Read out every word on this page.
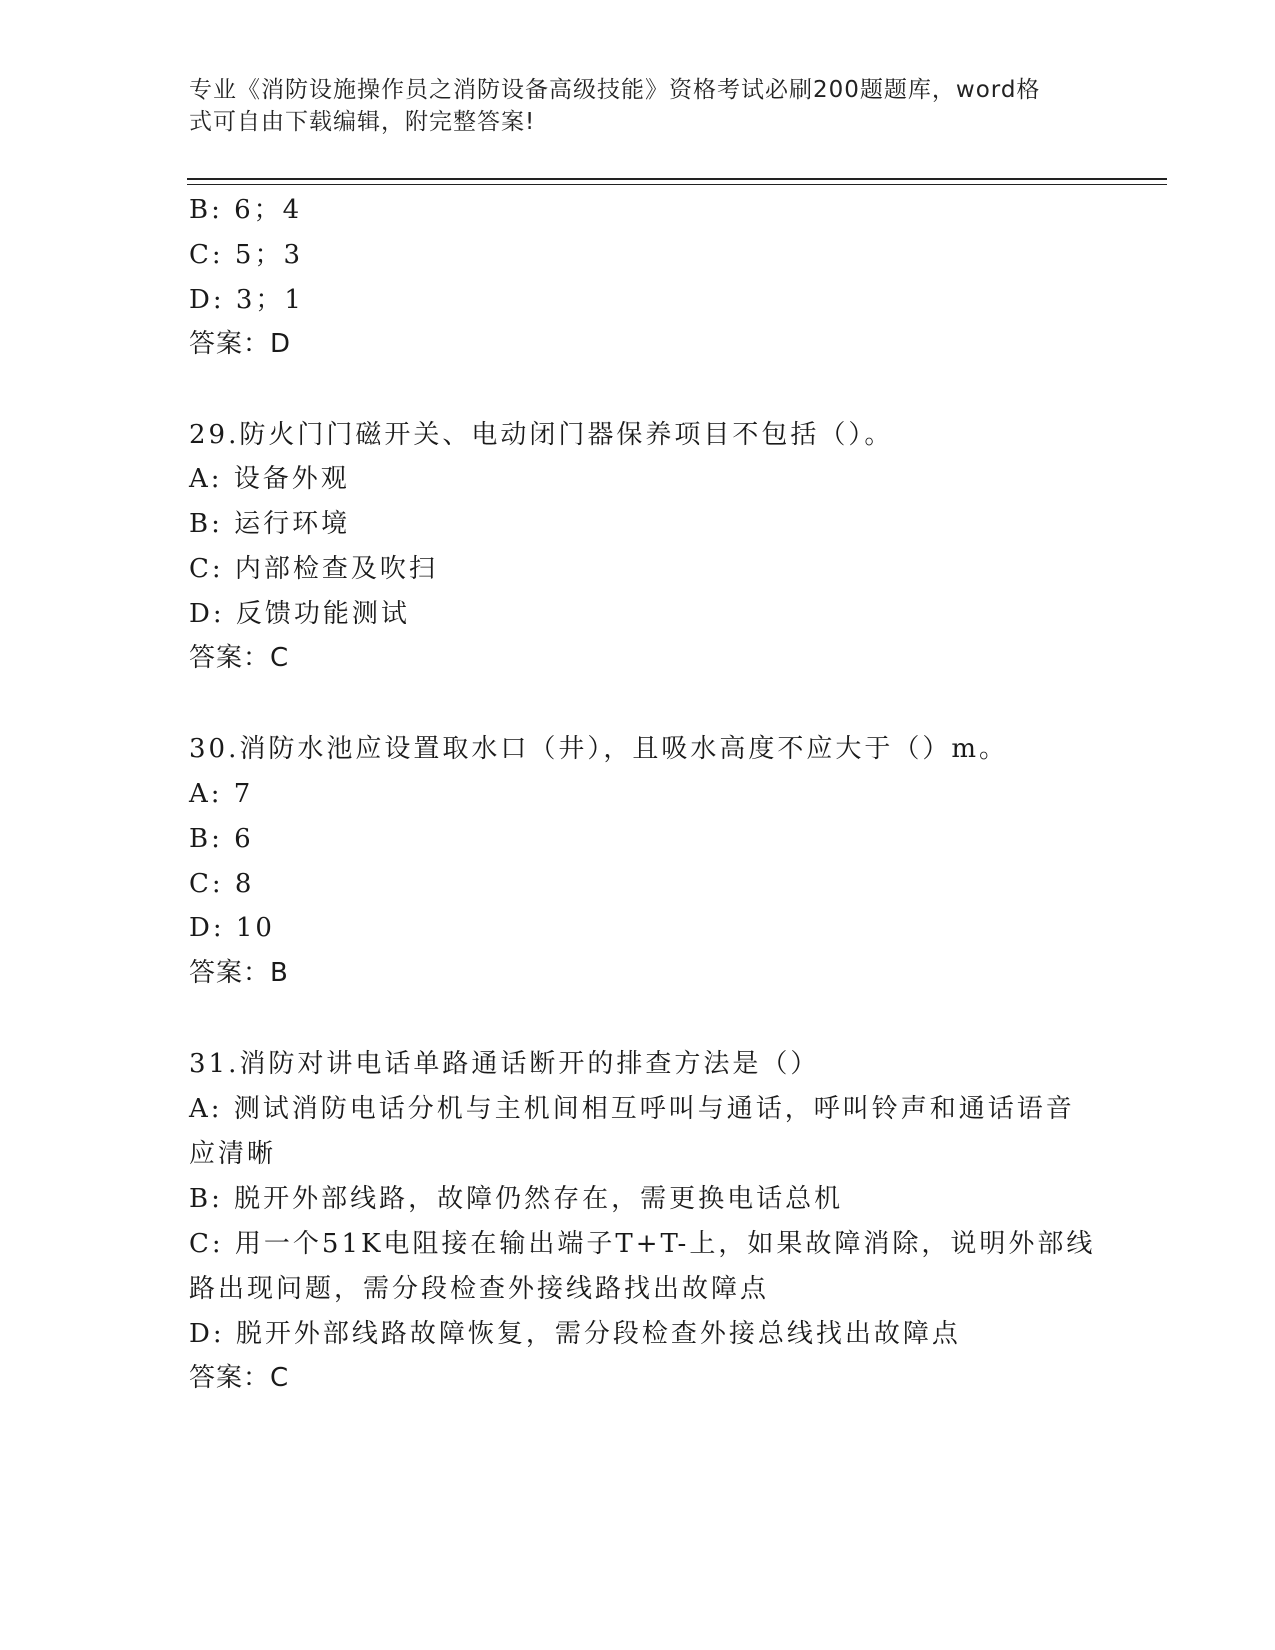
专业《消防设施操作员之消防设备高级技能》资格考试必刷200题题库，word格
式可自由下载编辑，附完整答案!
B: 6；4
C: 5；3
D: 3；1
答案：D
29.防火门门磁开关、电动闭门器保养项目不包括（）。
A: 设备外观
B: 运行环境
C: 内部检查及吹扫
D: 反馈功能测试
答案：C
30.消防水池应设置取水口（井），且吸水高度不应大于（）m。
A: 7
B: 6
C: 8
D: 10
答案：B
31.消防对讲电话单路通话断开的排查方法是（）
A: 测试消防电话分机与主机间相互呼叫与通话，呼叫铃声和通话语音
应清晰
B: 脱开外部线路，故障仍然存在，需更换电话总机
C: 用一个51K电阻接在输出端子T+T-上，如果故障消除，说明外部线
路出现问题，需分段检查外接线路找出故障点
D: 脱开外部线路故障恢复，需分段检查外接总线找出故障点
答案：C
